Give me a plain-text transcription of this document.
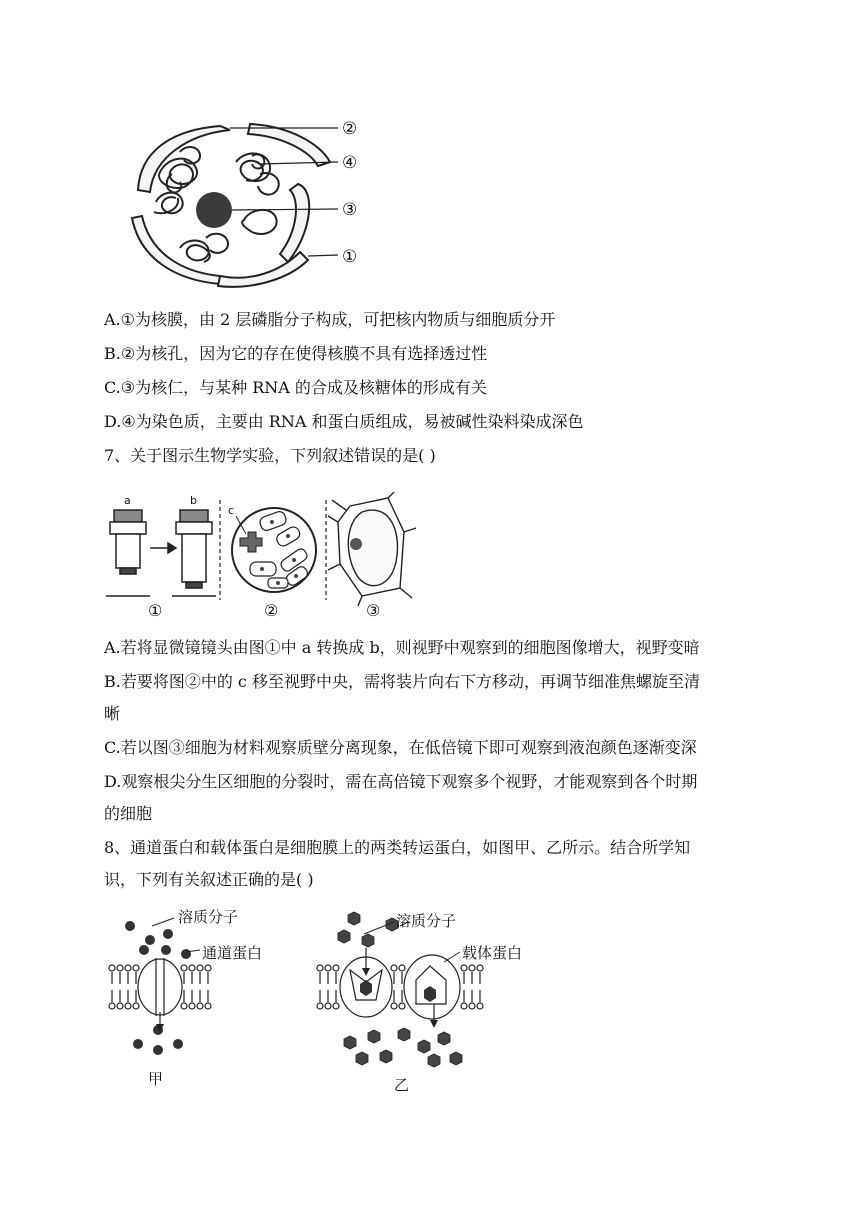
②
④
③
①
A.①为核膜，由 2 层磷脂分子构成，可把核内物质与细胞质分开
B.②为核孔，因为它的存在使得核膜不具有选择透过性
C.③为核仁，与某种 RNA 的合成及核糖体的形成有关
D.④为染色质，主要由 RNA 和蛋白质组成，易被碱性染料染成深色
7、关于图示生物学实验，下列叙述错误的是( )
a	b
c
①	②	③
A.若将显微镜镜头由图①中 a 转换成 b，则视野中观察到的细胞图像增大，视野变暗
B.若要将图②中的 c 移至视野中央，需将装片向右下方移动，再调节细准焦螺旋至清
晰
C.若以图③细胞为材料观察质壁分离现象，在低倍镜下即可观察到液泡颜色逐渐变深
D.观察根尖分生区细胞的分裂时，需在高倍镜下观察多个视野，才能观察到各个时期
的细胞
8、通道蛋白和载体蛋白是细胞膜上的两类转运蛋白，如图甲、乙所示。结合所学知
识，下列有关叙述正确的是( )
溶质分子
通道蛋白
甲
溶质分子
载体蛋白
乙
